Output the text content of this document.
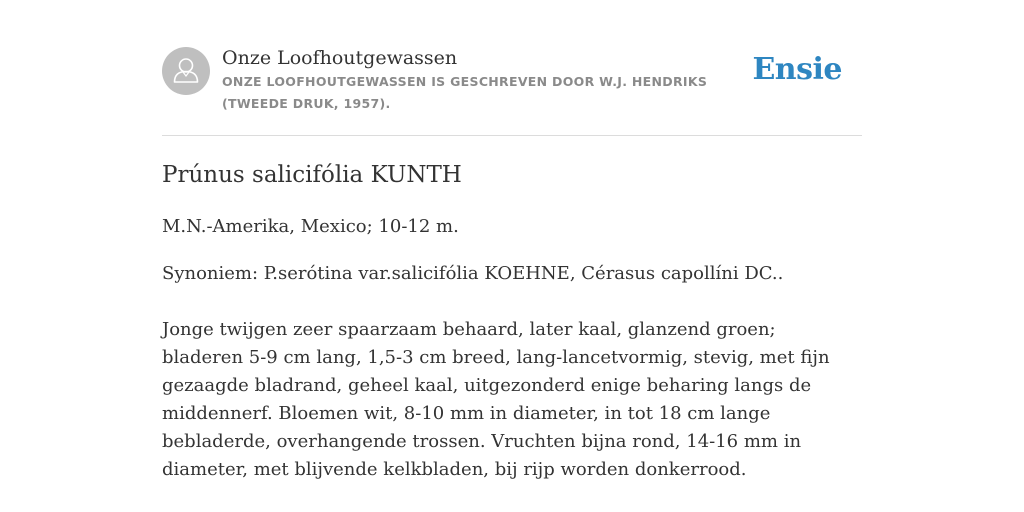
Onze Loofhoutgewassen

ONZE LOOFHOUTGEWASSEN IS GESCHREVEN DOOR W.J. HENDRIKS (TWEEDE DRUK, 1957).

Ensie
Prúnus salicifólia KUNTH

M.N.-Amerika, Mexico; 10-12 m.

Synoniem: P.serótina var.salicifólia KOEHNE, Cérasus capollíni DC..

Jonge twijgen zeer spaarzaam behaard, later kaal, glanzend groen; bladeren 5-9 cm lang, 1,5-3 cm breed, lang-lancetvormig, stevig, met fijn gezaagde bladrand, geheel kaal, uitgezonderd enige beharing langs de middennerf. Bloemen wit, 8-10 mm in diameter, in tot 18 cm lange bebladerde, overhangende trossen. Vruchten bijna rond, 14-16 mm in diameter, met blijvende kelkbladen, bij rijp worden donkerrood.
